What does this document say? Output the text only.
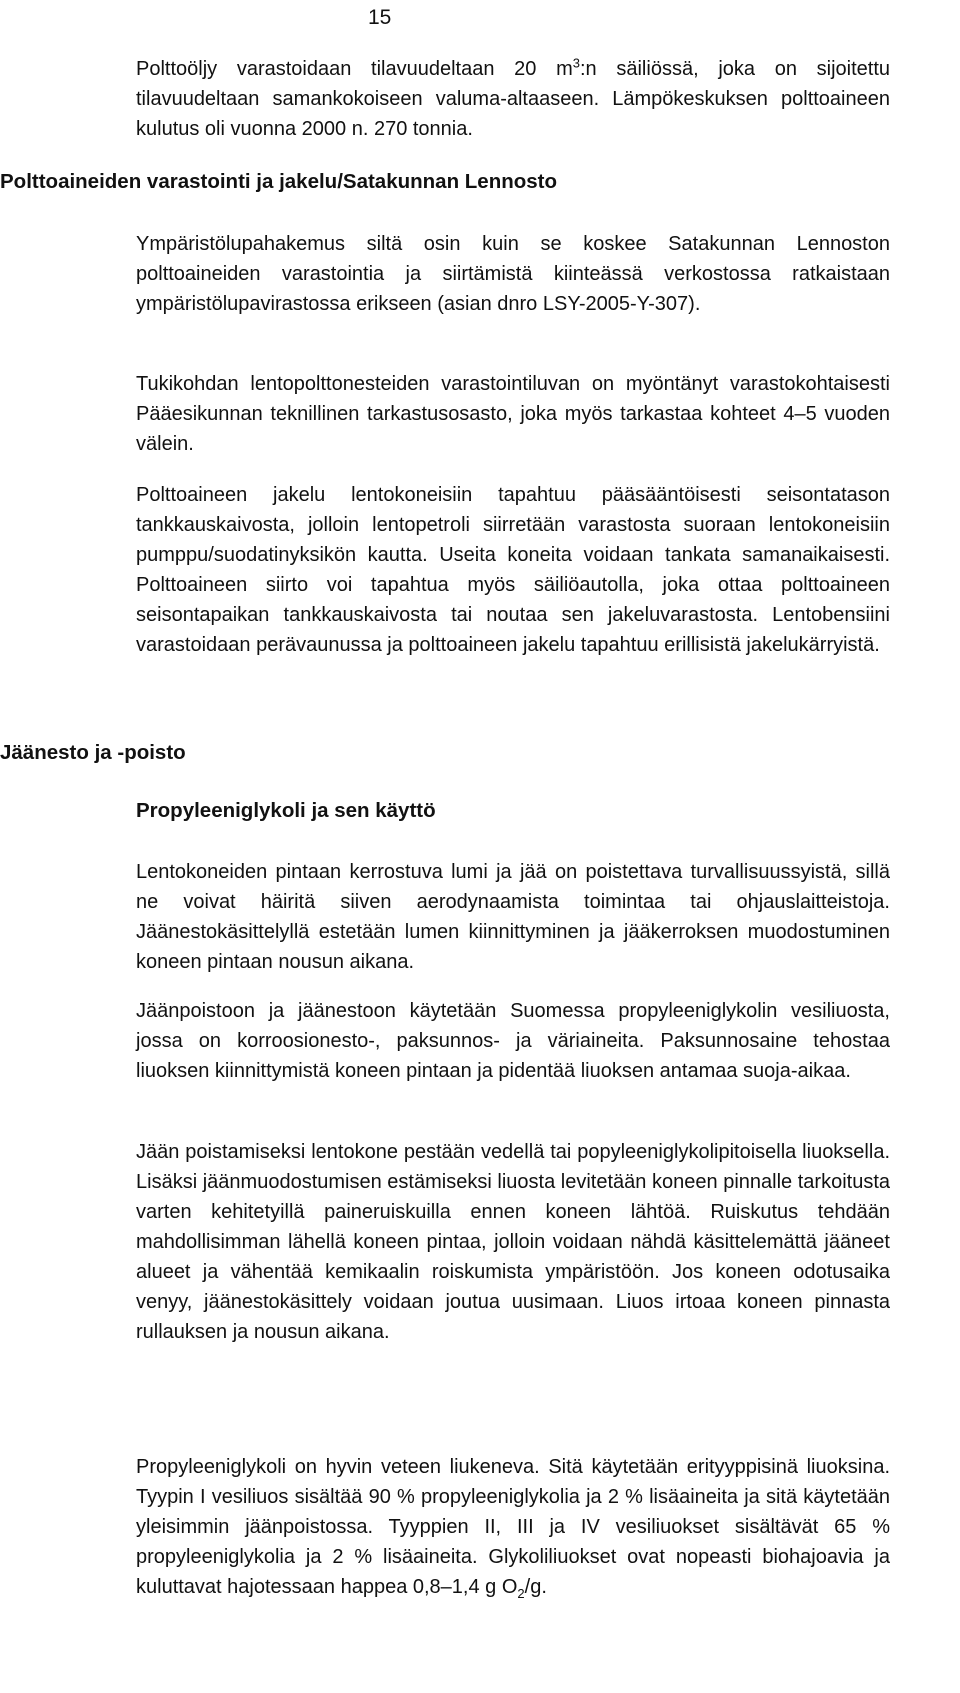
15

Polttoöljy varastoidaan tilavuudeltaan 20 $m^3:n$ säiliössä, joka on sijoitettu tilavuudeltaan samankokoiseen valuma-altaaseen. Lämpökeskuksen polttoaineen kulutus oli vuonna 2000 n. 270 tonnia.

Polttoaineiden varastointi ja jakelu/Satakunnan Lennosto

Ympäristölupahakemus siltä osin kuin se koskee Satakunnan Lennoston polttoaineiden varastointia ja siirtämistä kiinteässä verkostossa ratkaistaan ympäristölupavirastossa erikseen (asian dnro LSY-2005-Y-307).

Tukikohdan lentopolttonesteiden varastointiluvan on myöntänyt varastokohtaisesti Pääesikunnan teknillinen tarkastusosasto, joka myös tarkastaa kohteet 4–5 vuoden välein.

Polttoaineen jakelu lentokoneisiin tapahtuu pääsääntöisesti seisontatason tankkauskaivosta, jolloin lentopetroli siirretään varastosta suoraan lentokoneisiin pumppu/suodatinyksikön kautta. Useita koneita voidaan tankata samanaikaisesti. Polttoaineen siirto voi tapahtua myös säiliöautolla, joka ottaa polttoaineen seisontapaikan tankkauskaivosta tai noutaa sen jakeluvarastosta. Lentobensiini varastoidaan perävaunussa ja polttoaineen jakelu tapahtuu erillisistä jakelukärryistä.

Jäänesto ja -poisto
Propyleeniglykoli ja sen käyttö

Lentokoneiden pintaan kerrostuva lumi ja jää on poistettava turvallisuussyistä, sillä ne voivat häiritä siiven aerodynaamista toimintaa tai ohjauslaitteistoja. Jäänestokäsittelyllä estetään lumen kiinnittyminen ja jääkerroksen muodostuminen koneen pintaan nousun aikana.

Jäänpoistoon ja jäänestoon käytetään Suomessa propyleeniglykolin vesiliuosta, jossa on korroosionesto-, paksunnos- ja väriaineita. Paksunnosaine tehostaa liuoksen kiinnittymistä koneen pintaan ja pidentää liuoksen antamaa suoja-aikaa.

Jään poistamiseksi lentokone pestään vedellä tai popyleeniglykolipitoisella liuoksella. Lisäksi jäänmuodostumisen estämiseksi liuosta levitetään koneen pinnalle tarkoitusta varten kehitetyillä paineruiskuilla ennen koneen lähtöä. Ruiskutus tehdään mahdollisimman lähellä koneen pintaa, jolloin voidaan nähdä käsittelemättä jääneet alueet ja vähentää kemikaalin roiskumista ympäristöön. Jos koneen odotusaika venyy, jäänestokäsittely voidaan joutua uusimaan. Liuos irtoaa koneen pinnasta rullauksen ja nousun aikana.

Propyleeniglykoli on hyvin veteen liukeneva. Sitä käytetään erityyppisinä liuoksina. Tyypin I vesiliuos sisältää 90 % propyleeniglykolia ja 2 % lisäaineita ja sitä käytetään yleisimmin jäänpoistossa. Tyyppien II, III ja IV vesiliuokset sisältävät 65 % propyleeniglykolia ja 2 % lisäaineita. Glykoliliuokset ovat nopeasti biohajoavia ja kuluttavat hajotessaan happea 0,8–1,4 g $O_2/g$.
